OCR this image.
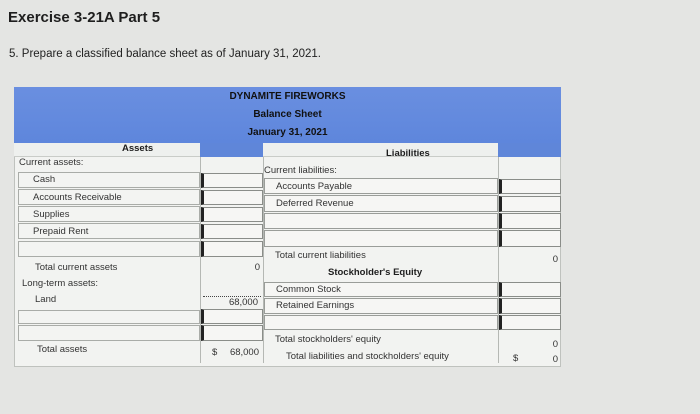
Exercise 3-21A Part 5
5. Prepare a classified balance sheet as of January 31, 2021.
DYNAMITE FIREWORKS
Balance Sheet
January 31, 2021
Assets	Liabilities
Current assets:
Cash
Accounts Receivable
Supplies
Prepaid Rent
Total current assets	0
Long-term assets:
Land	68,000
Total assets	$	68,000
Current liabilities:
Accounts Payable
Deferred Revenue
Total current liabilities	0
Stockholder's Equity
Common Stock
Retained Earnings
Total stockholders' equity	0
Total liabilities and stockholders' equity	$	0
